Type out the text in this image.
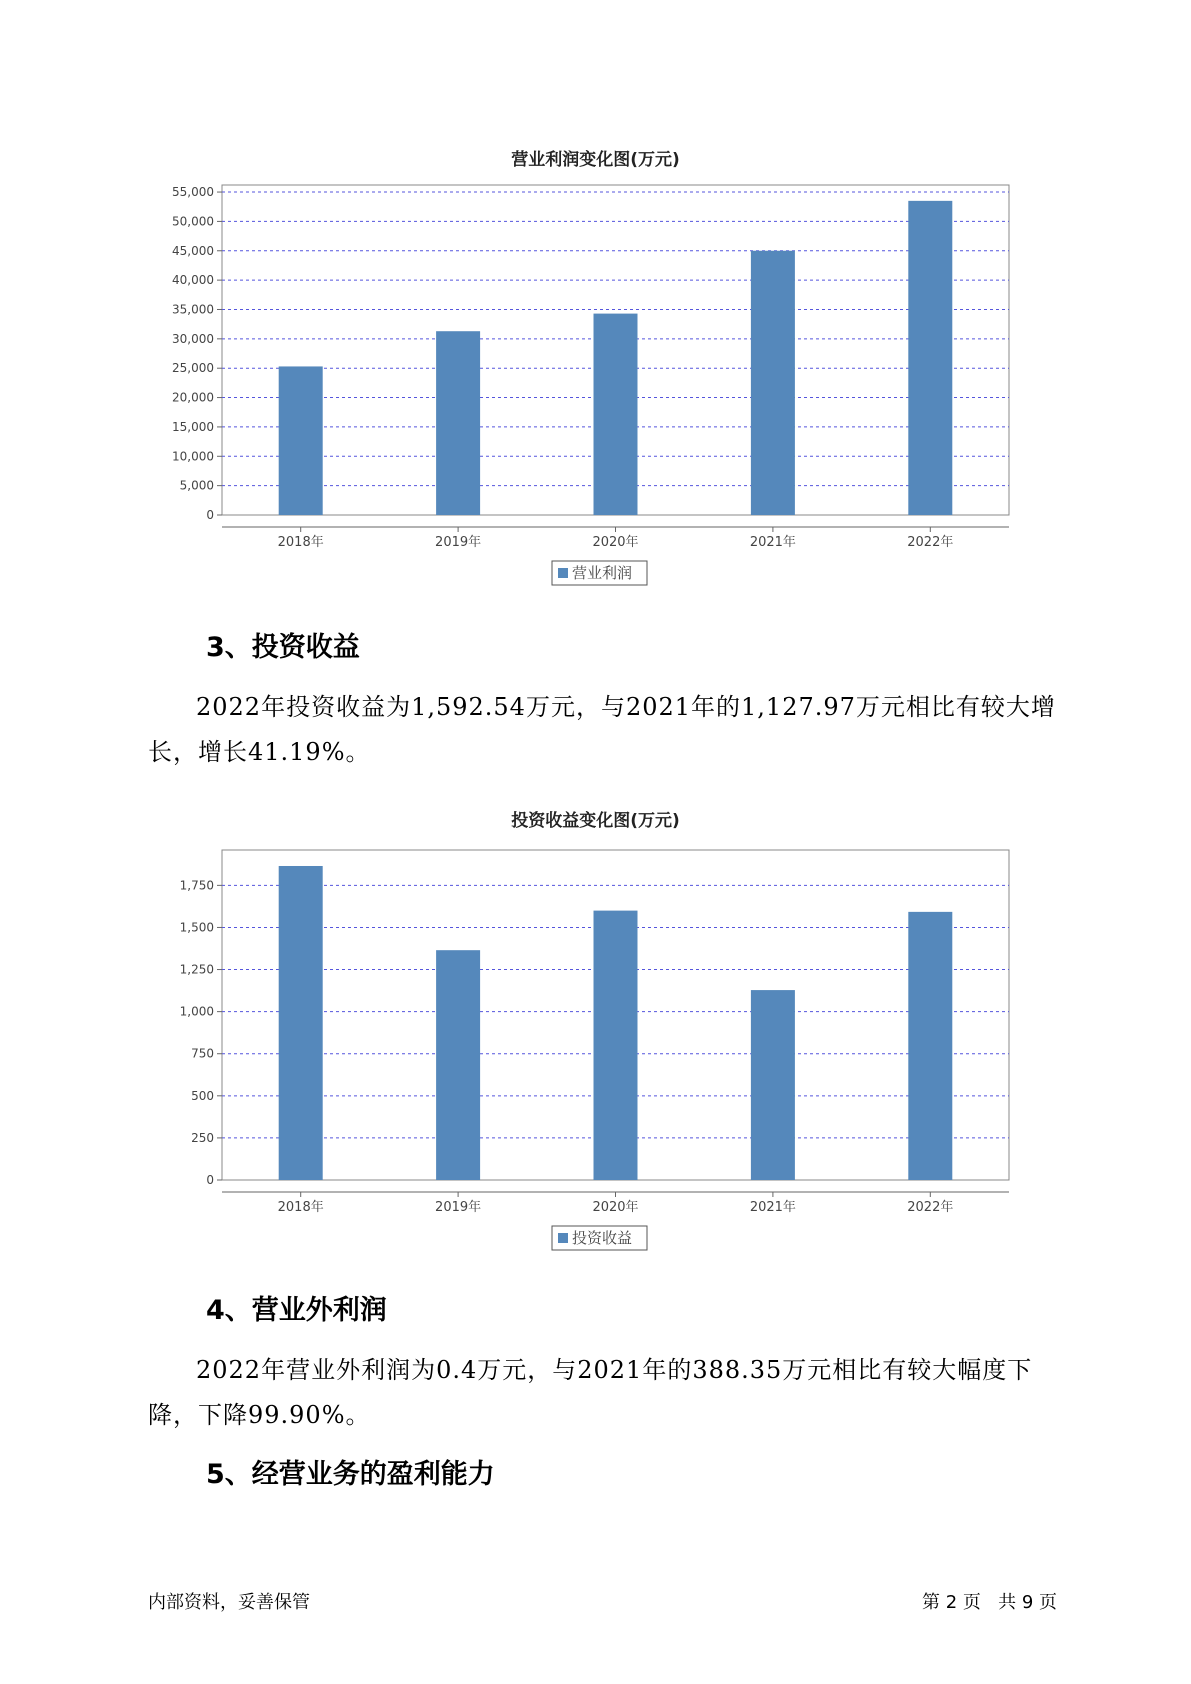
营业利润变化图(万元)
0
5,000
10,000
15,000
20,000
25,000
30,000
35,000
40,000
45,000
50,000
55,000
2018年	2019年	2020年	2021年	2022年
营业利润
3、投资收益
2022年投资收益为1,592.54万元，与2021年的1,127.97万元相比有较大增长，增长41.19%。
投资收益变化图(万元)
0
250
500
750
1,000
1,250
1,500
1,750
2018年	2019年	2020年	2021年	2022年
投资收益
4、营业外利润
2022年营业外利润为0.4万元，与2021年的388.35万元相比有较大幅度下降，下降99.90%。
5、经营业务的盈利能力
内部资料，妥善保管	第 2 页   共 9 页
